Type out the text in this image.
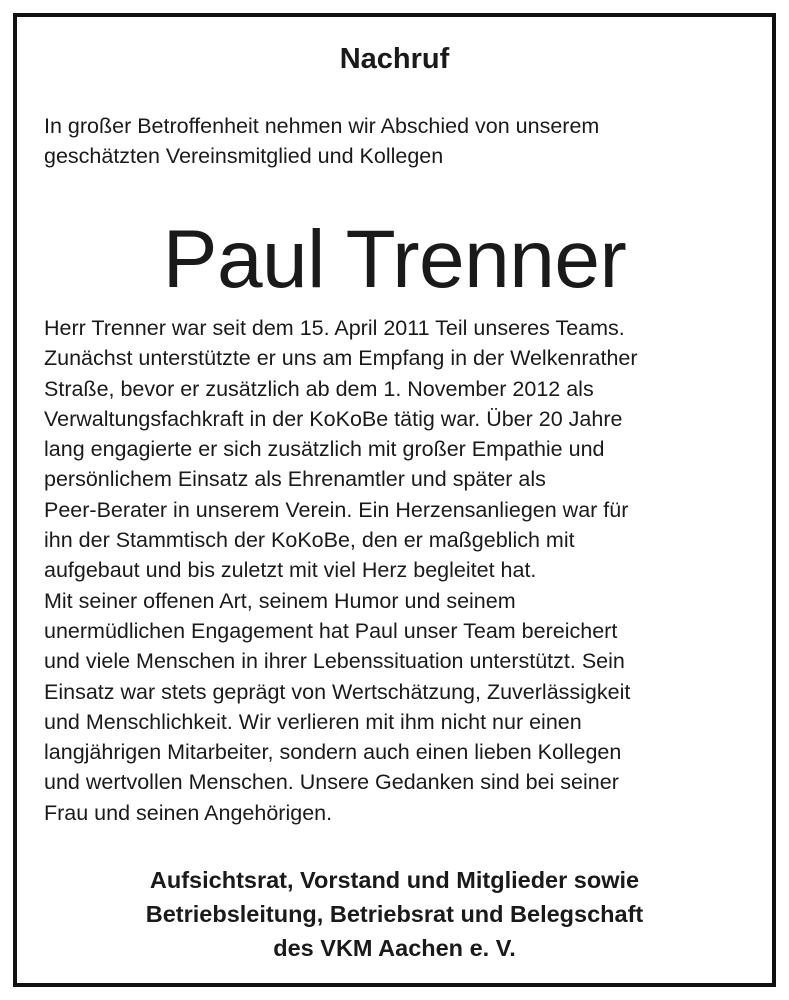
Nachruf
In großer Betroffenheit nehmen wir Abschied von unserem
geschätzten Vereinsmitglied und Kollegen
Paul Trenner
Herr Trenner war seit dem 15. April 2011 Teil unseres Teams.
Zunächst unterstützte er uns am Empfang in der Welkenrather
Straße, bevor er zusätzlich ab dem 1. November 2012 als
Verwaltungsfachkraft in der KoKoBe tätig war. Über 20 Jahre
lang engagierte er sich zusätzlich mit großer Empathie und
persönlichem Einsatz als Ehrenamtler und später als
Peer-Berater in unserem Verein. Ein Herzensanliegen war für
ihn der Stammtisch der KoKoBe, den er maßgeblich mit
aufgebaut und bis zuletzt mit viel Herz begleitet hat.
Mit seiner offenen Art, seinem Humor und seinem
unermüdlichen Engagement hat Paul unser Team bereichert
und viele Menschen in ihrer Lebenssituation unterstützt. Sein
Einsatz war stets geprägt von Wertschätzung, Zuverlässigkeit
und Menschlichkeit. Wir verlieren mit ihm nicht nur einen
langjährigen Mitarbeiter, sondern auch einen lieben Kollegen
und wertvollen Menschen. Unsere Gedanken sind bei seiner
Frau und seinen Angehörigen.
Aufsichtsrat, Vorstand und Mitglieder sowie
Betriebsleitung, Betriebsrat und Belegschaft
des VKM Aachen e. V.
